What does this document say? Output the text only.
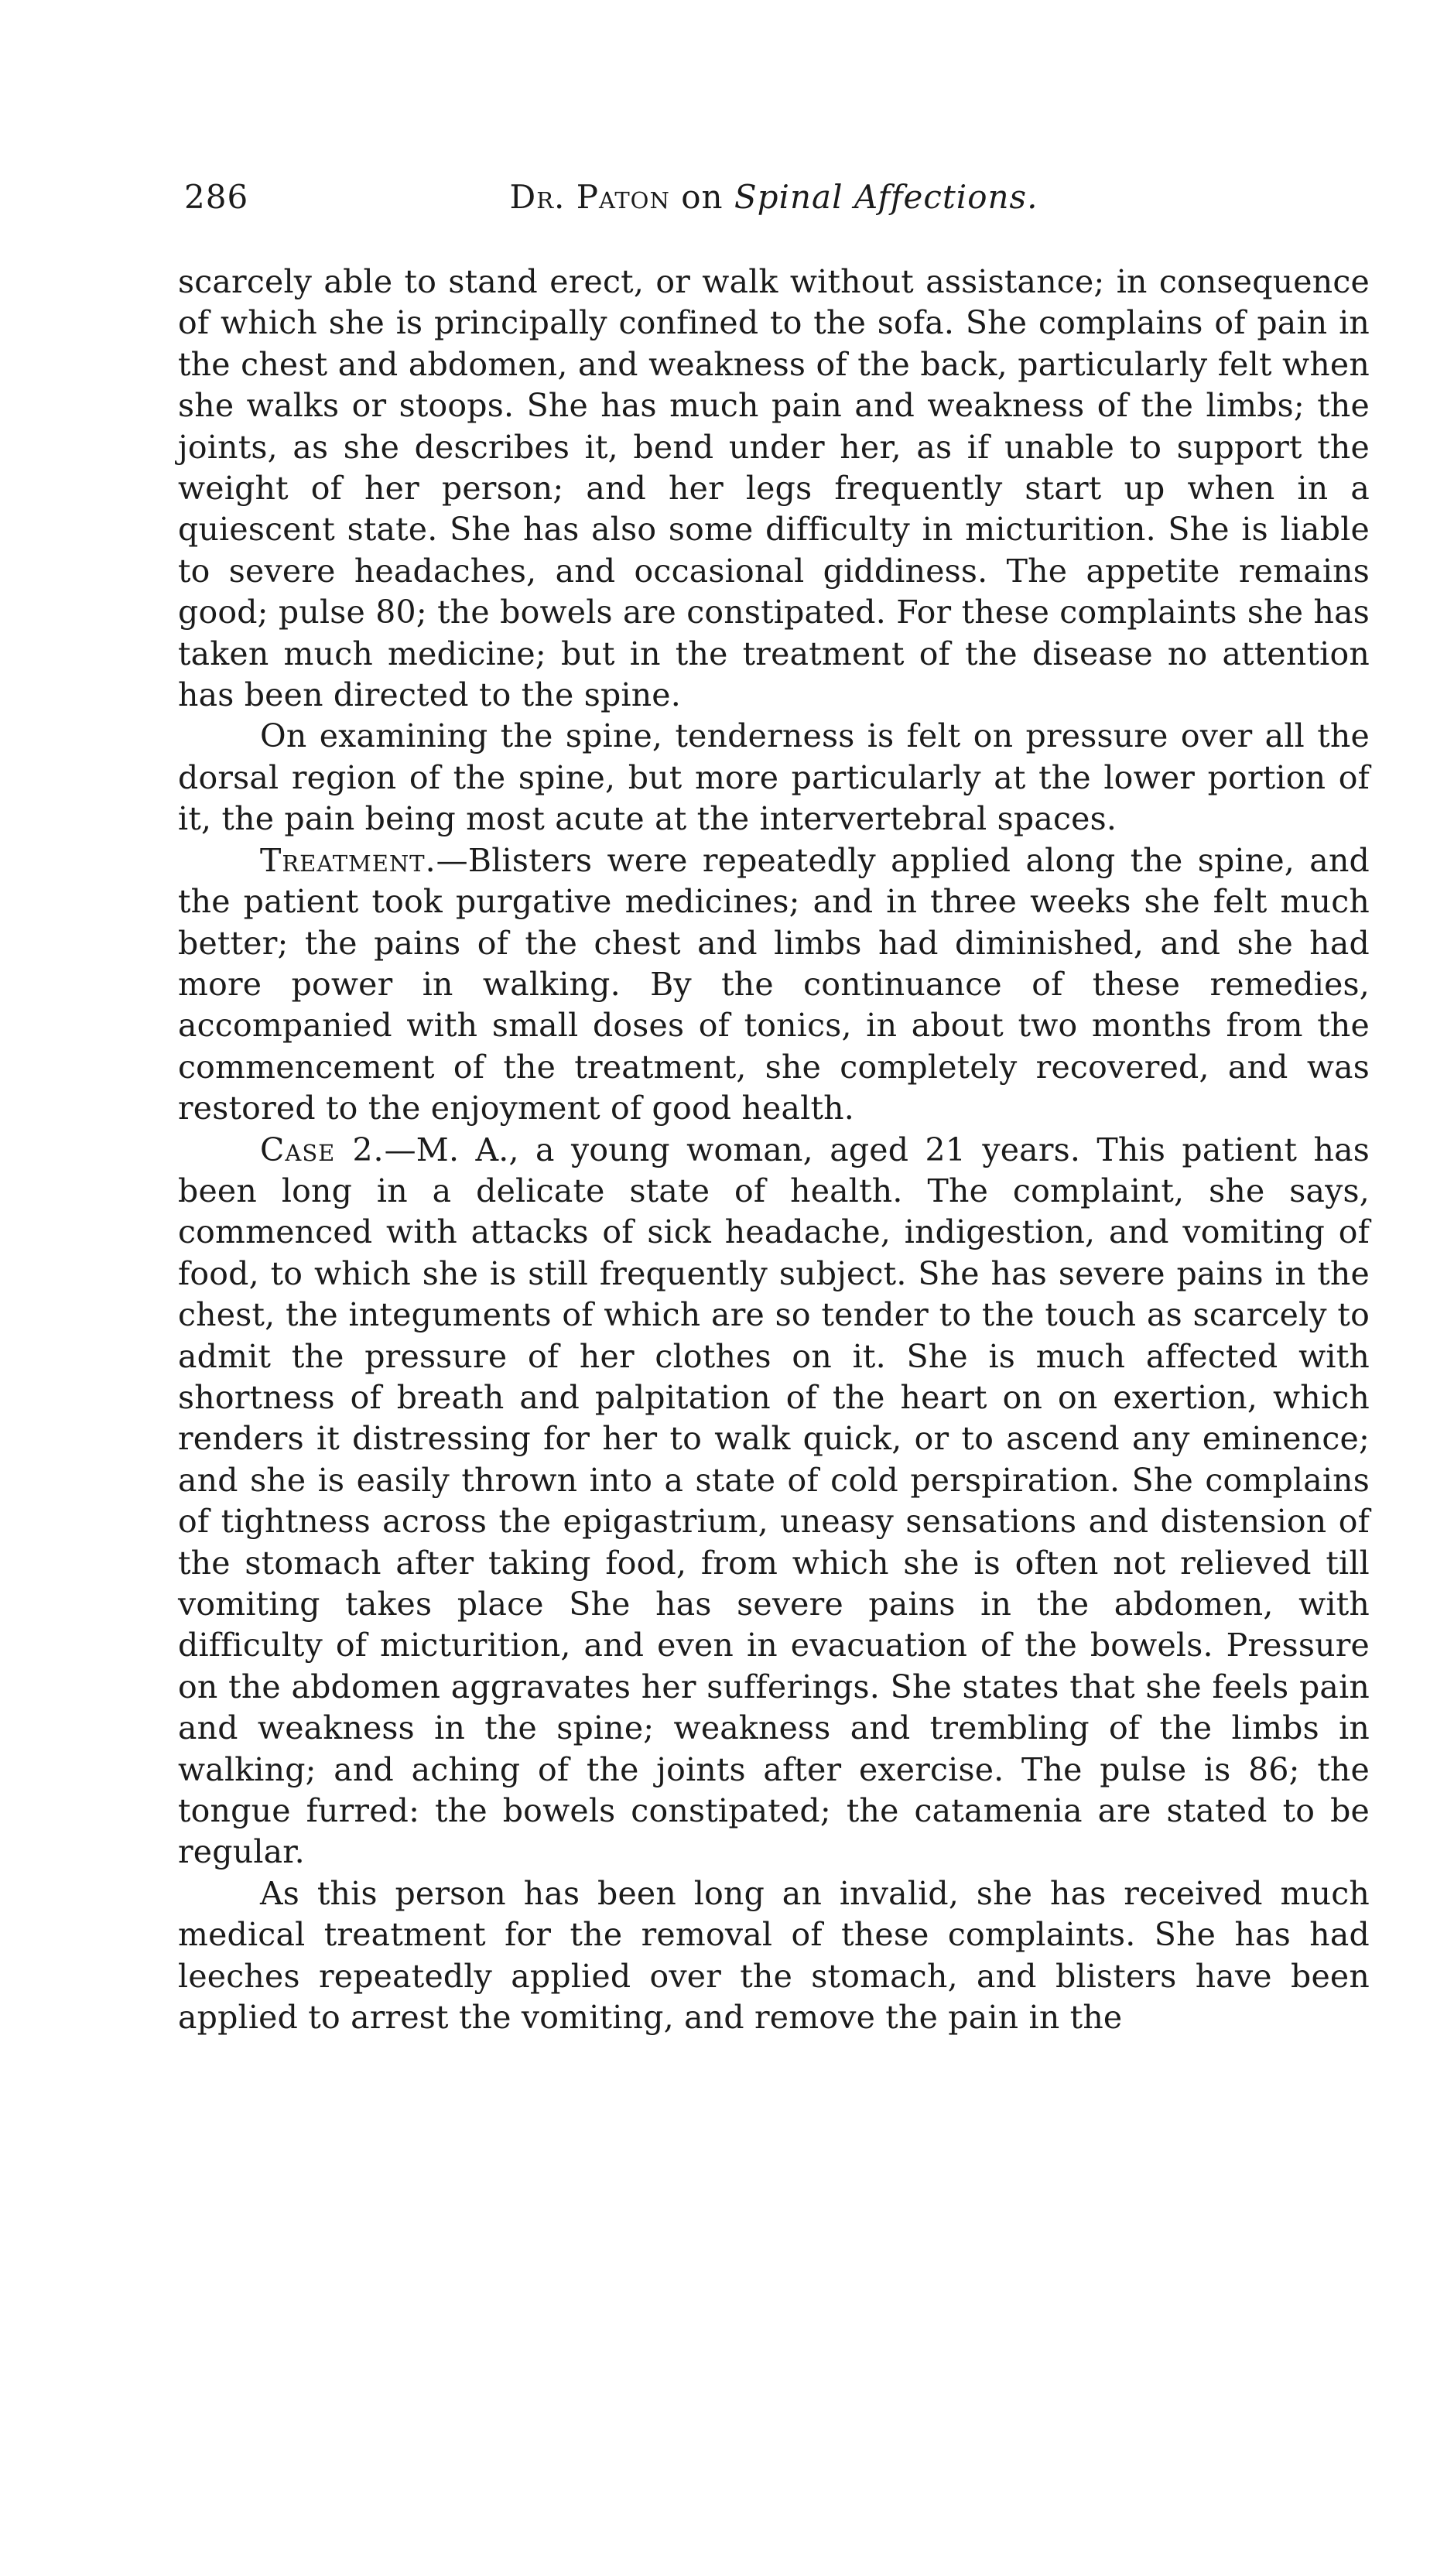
286	Dr. Paton on Spinal Affections.

scarcely able to stand erect, or walk without assistance; in consequence of which she is principally confined to the sofa. She complains of pain in the chest and abdomen, and weakness of the back, particularly felt when she walks or stoops. She has much pain and weakness of the limbs; the joints, as she describes it, bend under her, as if unable to support the weight of her person; and her legs frequently start up when in a quiescent state. She has also some difficulty in micturition. She is liable to severe headaches, and occasional giddiness. The appetite remains good; pulse 80; the bowels are constipated. For these complaints she has taken much medicine; but in the treatment of the disease no attention has been directed to the spine.

On examining the spine, tenderness is felt on pressure over all the dorsal region of the spine, but more particularly at the lower portion of it, the pain being most acute at the intervertebral spaces.

Treatment.—Blisters were repeatedly applied along the spine, and the patient took purgative medicines; and in three weeks she felt much better; the pains of the chest and limbs had diminished, and she had more power in walking. By the continuance of these remedies, accompanied with small doses of tonics, in about two months from the commencement of the treatment, she completely recovered, and was restored to the enjoyment of good health.

Case 2.—M. A., a young woman, aged 21 years. This patient has been long in a delicate state of health. The complaint, she says, commenced with attacks of sick headache, indigestion, and vomiting of food, to which she is still frequently subject. She has severe pains in the chest, the integuments of which are so tender to the touch as scarcely to admit the pressure of her clothes on it. She is much affected with shortness of breath and palpitation of the heart on on exertion, which renders it distressing for her to walk quick, or to ascend any eminence; and she is easily thrown into a state of cold perspiration. She complains of tightness across the epigastrium, uneasy sensations and distension of the stomach after taking food, from which she is often not relieved till vomiting takes place She has severe pains in the abdomen, with difficulty of micturition, and even in evacuation of the bowels. Pressure on the abdomen aggravates her sufferings. She states that she feels pain and weakness in the spine; weakness and trembling of the limbs in walking; and aching of the joints after exercise. The pulse is 86; the tongue furred: the bowels constipated; the catamenia are stated to be regular.

As this person has been long an invalid, she has received much medical treatment for the removal of these complaints. She has had leeches repeatedly applied over the stomach, and blisters have been applied to arrest the vomiting, and remove the pain in the
